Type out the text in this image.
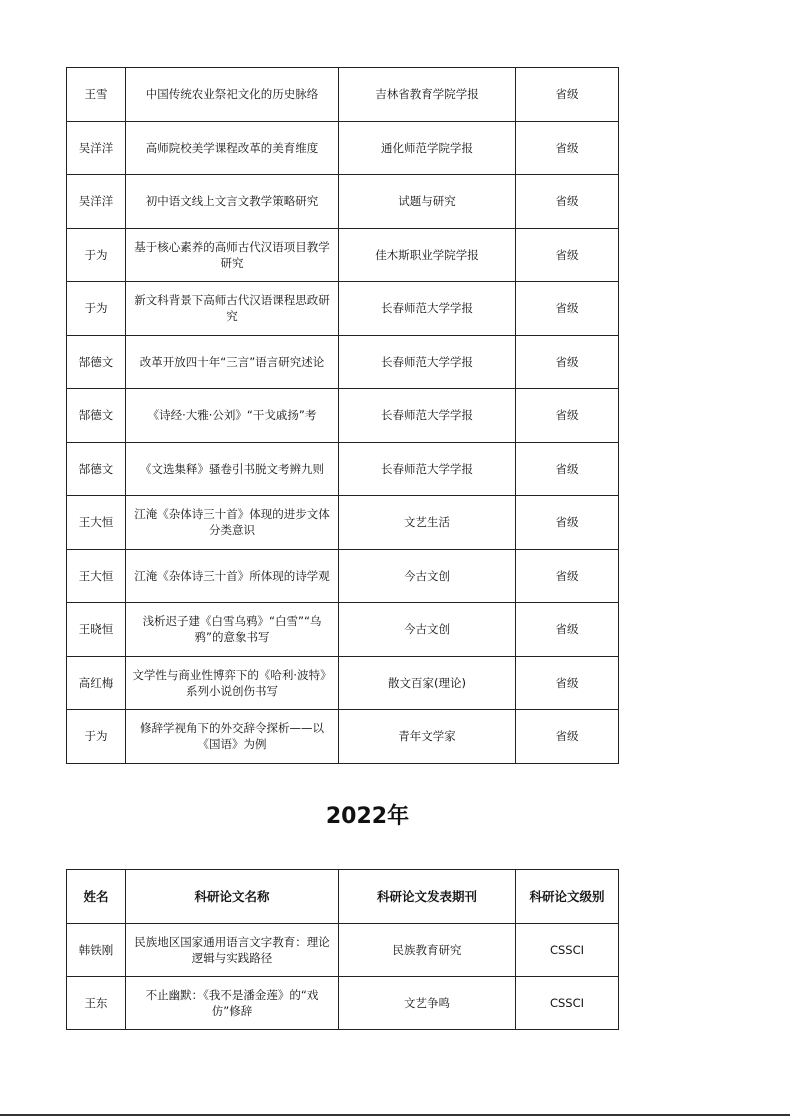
王雪	中国传统农业祭祀文化的历史脉络	吉林省教育学院学报	省级
吴洋洋	高师院校美学课程改革的美育维度	通化师范学院学报	省级
吴洋洋	初中语文线上文言文教学策略研究	试题与研究	省级
于为	基于核心素养的高师古代汉语项目教学研究	佳木斯职业学院学报	省级
于为	新文科背景下高师古代汉语课程思政研究	长春师范大学学报	省级
郜德文	改革开放四十年“三言”语言研究述论	长春师范大学学报	省级
郜德文	《诗经·大雅·公刘》“干戈戚扬”考	长春师范大学学报	省级
郜德文	《文选集释》骚卷引书脱文考辨九则	长春师范大学学报	省级
王大恒	江淹《杂体诗三十首》体现的进步文体分类意识	文艺生活	省级
王大恒	江淹《杂体诗三十首》所体现的诗学观	今古文创	省级
王晓恒	浅析迟子建《白雪乌鸦》“白雪”“乌鸦”的意象书写	今古文创	省级
高红梅	文学性与商业性博弈下的《哈利·波特》系列小说创伤书写	散文百家(理论)	省级
于为	修辞学视角下的外交辞令探析——以《国语》为例	青年文学家	省级
2022年
姓名	科研论文名称	科研论文发表期刊	科研论文级别
韩铁刚	民族地区国家通用语言文字教育：理论逻辑与实践路径	民族教育研究	CSSCI
王东	不止幽默：《我不是潘金莲》的“戏仿”修辞	文艺争鸣	CSSCI
